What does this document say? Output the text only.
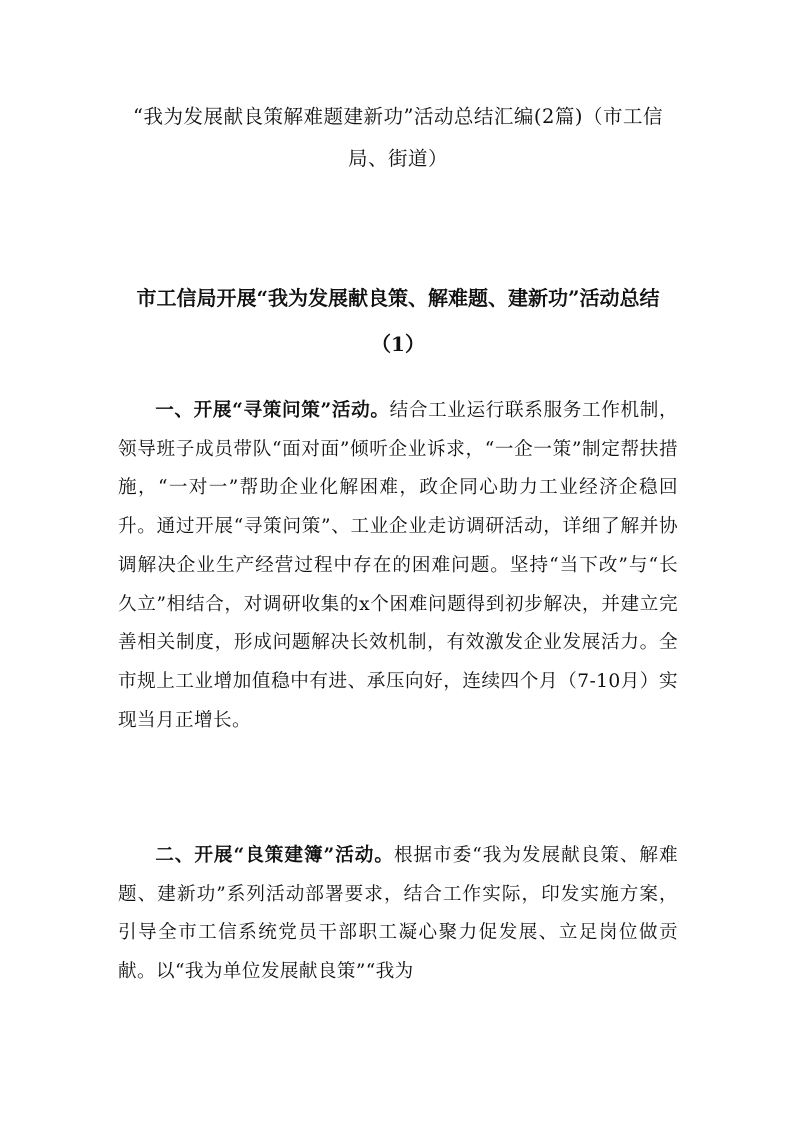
“我为发展献良策解难题建新功”活动总结汇编(2篇)（市工信局、街道）
市工信局开展“我为发展献良策、解难题、建新功”活动总结（1）

一、开展“寻策问策”活动。结合工业运行联系服务工作机制，领导班子成员带队“面对面”倾听企业诉求，“一企一策”制定帮扶措施，“一对一”帮助企业化解困难，政企同心助力工业经济企稳回升。通过开展“寻策问策”、工业企业走访调研活动，详细了解并协调解决企业生产经营过程中存在的困难问题。坚持“当下改”与“长久立”相结合，对调研收集的x个困难问题得到初步解决，并建立完善相关制度，形成问题解决长效机制，有效激发企业发展活力。全市规上工业增加值稳中有进、承压向好，连续四个月（7-10月）实现当月正增长。

二、开展“良策建簿”活动。根据市委“我为发展献良策、解难题、建新功”系列活动部署要求，结合工作实际，印发实施方案，引导全市工信系统党员干部职工凝心聚力促发展、立足岗位做贡献。以“我为单位发展献良策”“我为
